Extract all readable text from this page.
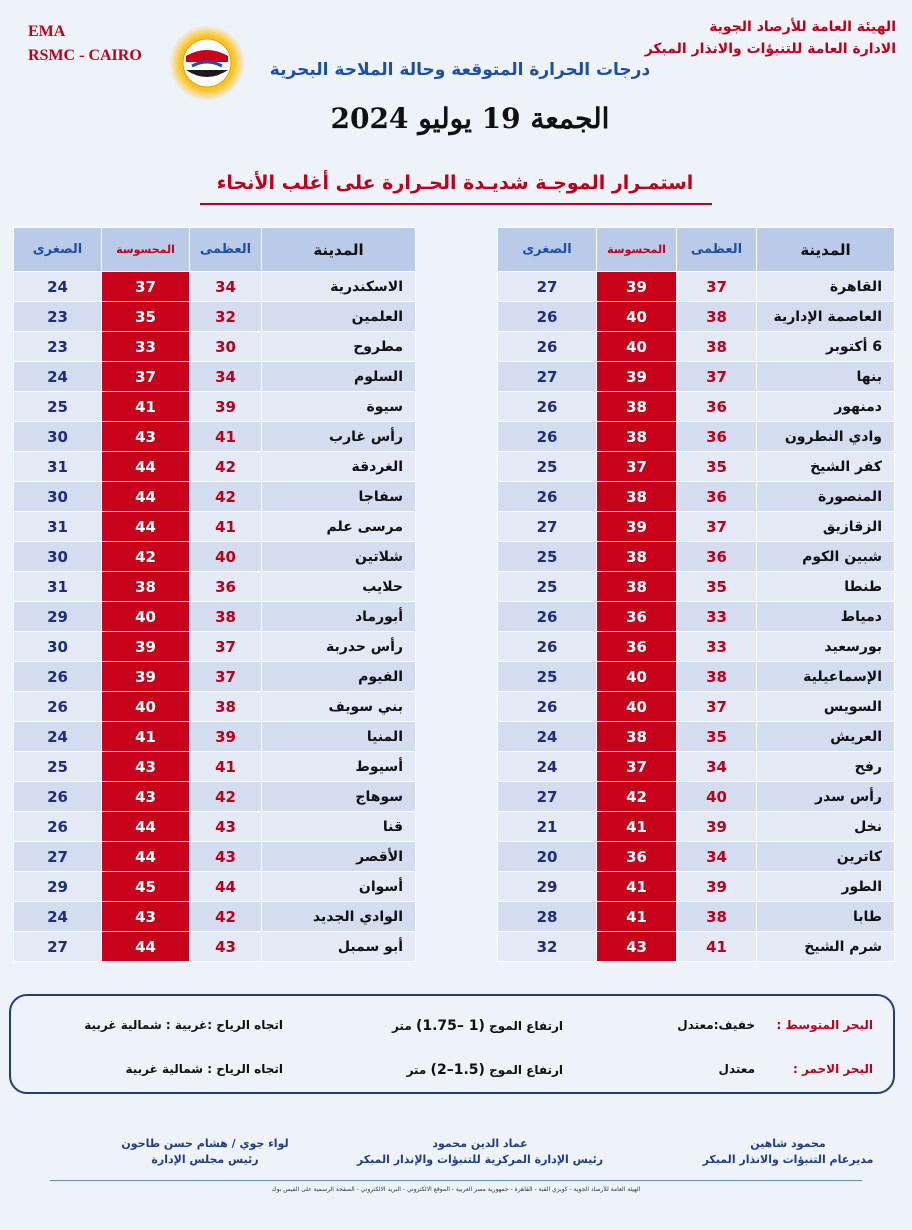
EMA
RSMC - CAIRO
الهيئة العامة للأرصاد الجوية
الادارة العامة للتنبؤات والانذار المبكر
درجات الحرارة المتوقعة وحالة الملاحة البحرية
الجمعة 19 يوليو 2024
استمـرار الموجـة شديـدة الحـرارة على أغلب الأنحاء
المدينة	العظمى	المحسوسة	الصغرى
القاهرة	37	39	27
العاصمة الإدارية	38	40	26
6 أكتوبر	38	40	26
بنها	37	39	27
دمنهور	36	38	26
وادي النطرون	36	38	26
كفر الشيخ	35	37	25
المنصورة	36	38	26
الزقازيق	37	39	27
شبين الكوم	36	38	25
طنطا	35	38	25
دمياط	33	36	26
بورسعيد	33	36	26
الإسماعيلية	38	40	25
السويس	37	40	26
العريش	35	38	24
رفح	34	37	24
رأس سدر	40	42	27
نخل	39	41	21
كاترين	34	36	20
الطور	39	41	29
طابا	38	41	28
شرم الشيخ	41	43	32
المدينة	العظمى	المحسوسة	الصغرى
الاسكندرية	34	37	24
العلمين	32	35	23
مطروح	30	33	23
السلوم	34	37	24
سيوة	39	41	25
رأس غارب	41	43	30
الغردقة	42	44	31
سفاجا	42	44	30
مرسى علم	41	44	31
شلاتين	40	42	30
حلايب	36	38	31
أبورماد	38	40	29
رأس حدربة	37	39	30
الفيوم	37	39	26
بني سويف	38	40	26
المنيا	39	41	24
أسيوط	41	43	25
سوهاج	42	43	26
قنا	43	44	26
الأقصر	43	44	27
أسوان	44	45	29
الوادي الجديد	42	43	24
أبو سمبل	43	44	27
البحر المتوسط :
خفيف:معتدل
ارتفاع الموج (1 –1.75) متر
اتجاه الرياح :غربية : شمالية غربية
البحر الاحمر :
معتدل
ارتفاع الموج (1.5–2) متر
اتجاه الرياح : شمالية غربية
محمود شاهين
مديرعام التنبؤات والانذار المبكر
عماد الدين محمود
رئيس الإدارة المركزية للتنبؤات والإنذار المبكر
لواء جوي / هشام حسن طاحون
رئيس مجلس الإدارة
الهيئة العامة للأرصاد الجوية - كوبري القبة - القاهرة - جمهورية مصر العربية - الموقع الالكتروني - البريد الالكتروني - الصفحة الرسمية على الفيس بوك
